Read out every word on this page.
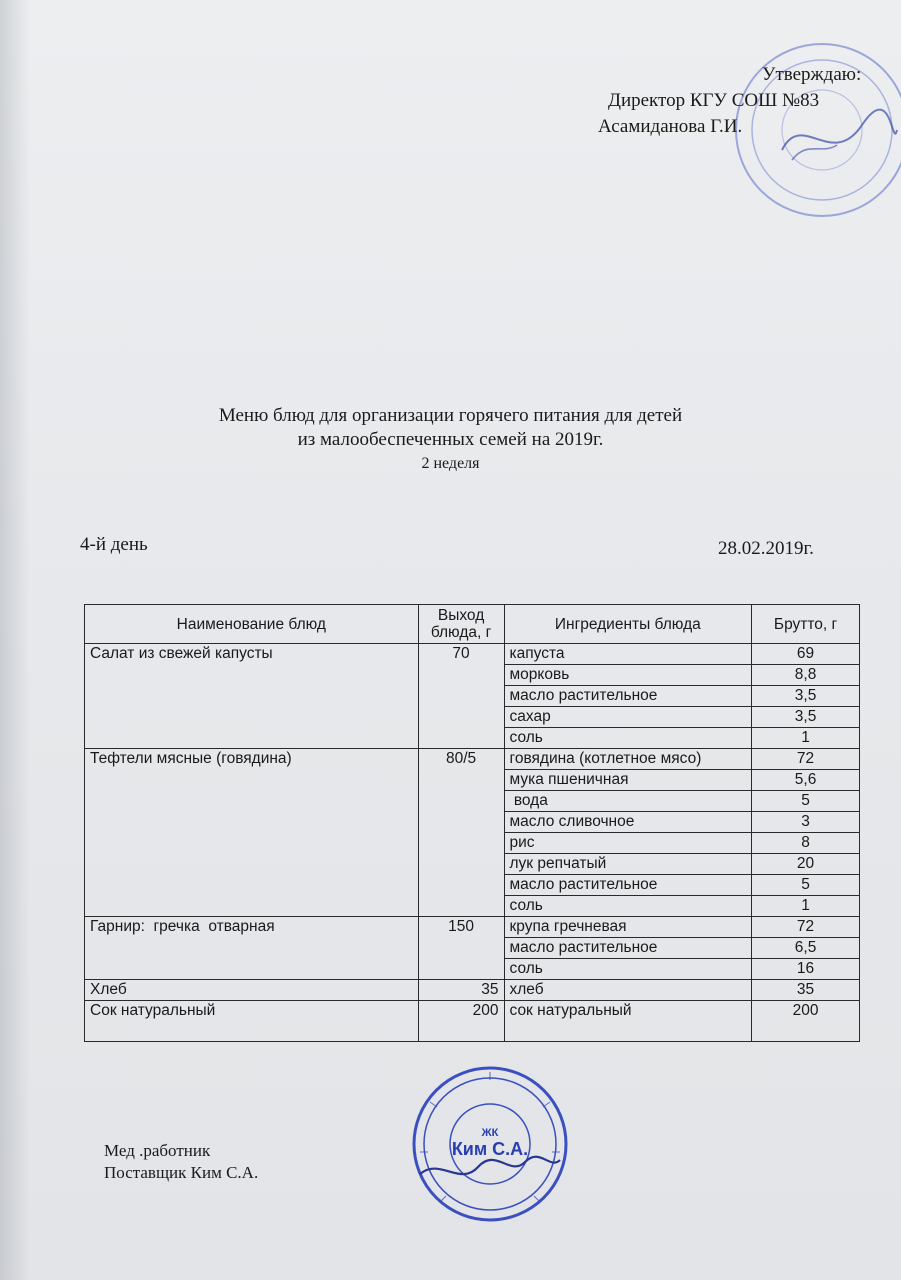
Утверждаю:
Директор КГУ СОШ №83
Асамиданова Г.И.
Меню блюд для организации горячего питания для детей
из малообеспеченных семей на 2019г.
2 неделя
4-й день	28.02.2019г.
Наименование блюд	Выход блюда, г	Ингредиенты блюда	Брутто, г
Салат из свежей капусты	70	капуста	69
		морковь	8,8
		масло растительное	3,5
		сахар	3,5
		соль	1
Тефтели мясные (говядина)	80/5	говядина (котлетное мясо)	72
		мука пшеничная	5,6
		вода	5
		масло сливочное	3
		рис	8
		лук репчатый	20
		масло растительное	5
		соль	1
Гарнир:  гречка  отварная	150	крупа гречневая	72
		масло растительное	6,5
		соль	16
Хлеб	35	хлеб	35
Сок натуральный	200	сок натуральный	200
ЖК
Ким С.А.
Мед .работник
Поставщик Ким С.А.
